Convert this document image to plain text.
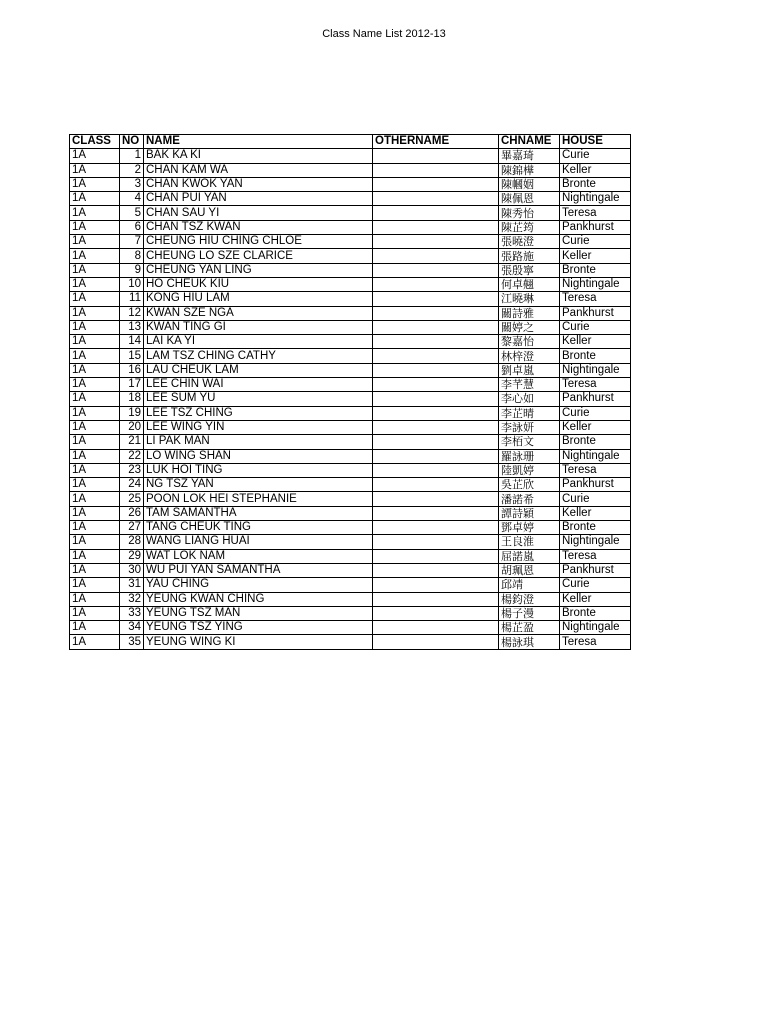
Class Name List 2012-13
CLASS	NO	NAME	OTHERNAME	CHNAME	HOUSE
1A	1	BAK KA KI		畢嘉琦	Curie
1A	2	CHAN KAM WA		陳錦樺	Keller
1A	3	CHAN KWOK YAN		陳幗姻	Bronte
1A	4	CHAN PUI YAN		陳佩恩	Nightingale
1A	5	CHAN SAU YI		陳秀怡	Teresa
1A	6	CHAN TSZ KWAN		陳芷筠	Pankhurst
1A	7	CHEUNG HIU CHING CHLOE		張曉澄	Curie
1A	8	CHEUNG LO SZE CLARICE		張路施	Keller
1A	9	CHEUNG YAN LING		張殷寧	Bronte
1A	10	HO CHEUK KIU		何卓翹	Nightingale
1A	11	KONG HIU LAM		江曉琳	Teresa
1A	12	KWAN SZE NGA		關詩雅	Pankhurst
1A	13	KWAN TING GI		關婷之	Curie
1A	14	LAI KA YI		黎嘉怡	Keller
1A	15	LAM TSZ CHING CATHY		林梓澄	Bronte
1A	16	LAU CHEUK LAM		劉卓嵐	Nightingale
1A	17	LEE CHIN WAI		李芊慧	Teresa
1A	18	LEE SUM YU		李心如	Pankhurst
1A	19	LEE TSZ CHING		李芷晴	Curie
1A	20	LEE WING YIN		李詠妍	Keller
1A	21	LI PAK MAN		李栢文	Bronte
1A	22	LO WING SHAN		羅詠珊	Nightingale
1A	23	LUK HOI TING		陸凱婷	Teresa
1A	24	NG TSZ YAN		吳芷欣	Pankhurst
1A	25	POON LOK HEI STEPHANIE		潘諾希	Curie
1A	26	TAM SAMANTHA		譚詩穎	Keller
1A	27	TANG CHEUK TING		鄧卓婷	Bronte
1A	28	WANG LIANG HUAI		王良淮	Nightingale
1A	29	WAT LOK NAM		屈諾嵐	Teresa
1A	30	WU PUI YAN SAMANTHA		胡珮恩	Pankhurst
1A	31	YAU CHING		邱靖	Curie
1A	32	YEUNG KWAN CHING		楊鈞澄	Keller
1A	33	YEUNG TSZ MAN		楊子漫	Bronte
1A	34	YEUNG TSZ YING		楊芷盈	Nightingale
1A	35	YEUNG WING KI		楊詠琪	Teresa
